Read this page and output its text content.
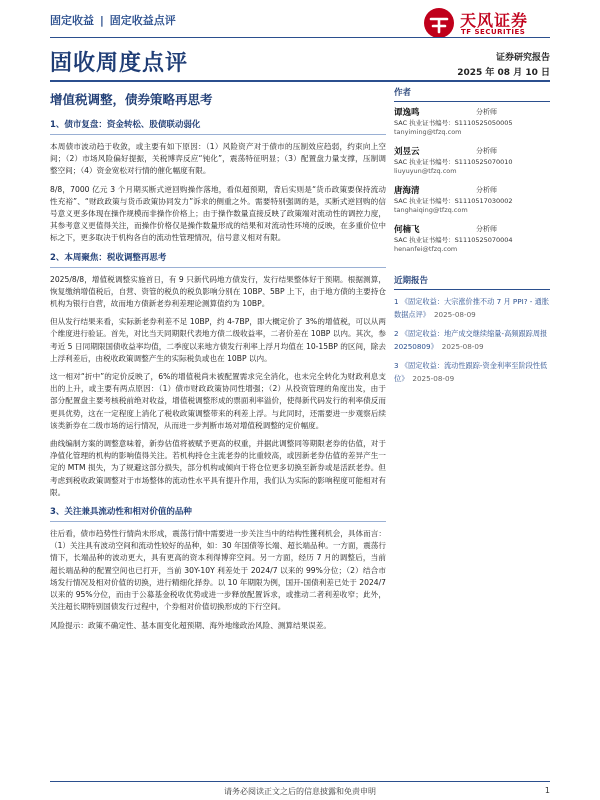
固定收益 | 固定收益点评	天风证券
TF SECURITIES
固收周度点评	证券研究报告
2025 年 08 月 10 日
增值税调整，债券策略再思考
1、债市复盘：资金转松、股债联动弱化

本周债市波动趋于收敛，或主要有如下原因：（1）风险资产对于债市的压制效应趋弱，约束向上空间；（2）市场风险偏好提振，关税博弈反应“钝化”，震荡特征明显；（3）配置盘力量支撑，压制调整空间；（4）资金宽松对行情的催化幅度有限。

8/8，7000 亿元 3 个月期买断式逆回购操作落地，看似超预期，背后实则是“货币政策要保持流动性充裕”、“财政政策与货币政策协同发力”诉求的侧重之外。需要特别强调的是，买断式逆回购的信号意义更多体现在操作规模而非操作价格上；由于操作数量直接反映了政策端对流动性的调控力度，其参考意义更值得关注，而操作价格仅是操作数量形成的结果和对流动性环境的反映，在多重价位中标之下，更多取决于机构各自的流动性管理情况，信号意义相对有限。

2、本周聚焦：税收调整再思考

2025/8/8，增值税调整实施首日，有 9 只新代码地方债发行，发行结果整体好于预期。根据测算，恢复缴纳增值税后，自营、资管的税负的税负影响分别在 10BP、5BP 上下，由于地方债的主要持仓机构为银行自营，故而地方债新老券利差理论测算值约为 10BP。

但从发行结果来看，实际新老券利差不足 10BP，约 4-7BP，即大概定价了 3%的增值税，可以从两个维度进行验证。首先，对比当天同期限代表地方债二级收益率，二者价差在 10BP 以内。其次，参考近 5 日同期限国债收益率均值，二季度以来地方债发行利率上浮月均值在 10-15BP 的区间，除去上浮利差后，由税收政策调整产生的实际税负或也在 10BP 以内。

这一相对“折中”的定价反映了，6%的增值税尚未被配置需求完全消化，也未完全转化为财政利息支出的上升，或主要有两点原因：（1）债市财政政策协同性增强；（2）从投资管理的角度出发，由于部分配置盘主要考核税前绝对收益，增值税调整形成的票面利率溢价，使得新代码发行的利率债反而更具优势，这在一定程度上消化了税收政策调整带来的利差上浮。与此同时，还需要进一步观察后续该类新券在二级市场的运行情况，从而进一步判断市场对增值税调整的定价幅度。

曲线编制方案的调整意味着，新券估值将被赋予更高的权重，并据此调整同等期限老券的估值，对于净值化管理的机构的影响值得关注。若机构持仓主流老券的比重较高，或因新老券估值的差异产生一定的 MTM 损失，为了规避这部分损失，部分机构或倾向于将仓位更多切换至新券或是活跃老券。但考虑到税收政策调整对于市场整体的流动性水平具有提升作用，我们认为实际的影响程度可能相对有限。

3、关注兼具流动性和相对价值的品种

往后看，债市趋势性行情尚未形成，震荡行情中需要进一步关注当中的结构性獲利机会，具体而言：（1）关注具有波动空间和流动性较好的品种，如：30 年国债等长端、超长端品种。一方面，震荡行情下，长端品种的波动更大，具有更高的资本利得博弈空间。另一方面，经历 7 月的调整后，当前超长端品种的配置空间也已打开，当前 30Y-10Y 利差处于 2024/7 以来的 99%分位；（2）结合市场发行情况及相对价值的切换，进行精细化择券。以 10 年期限为例，国开-国债利差已处于 2024/7 以来的 95%分位，而由于公募基金税收优势或进一步释放配置诉求，或推动二者利差收窄；此外，关注超长期特别国债发行过程中，个券相对价值切换形成的下行空间。

风险提示：政策不确定性、基本面变化超预期、海外地缘政治风险、测算结果误差。

作者
谭逸鸣	分析师
SAC 执业证书编号：S1110525050005
tanyiming@tfzq.com
刘昱云	分析师
SAC 执业证书编号：S1110525070010
liuyuyun@tfzq.com
唐海清	分析师
SAC 执业证书编号：S1110517030002
tanghaiqing@tfzq.com
何楠飞	分析师
SAC 执业证书编号：S1110525070004
henanfei@tfzq.com
近期报告
1 《固定收益：大宗涨价推不动 7 月 PPI? - 通胀数据点评》 2025-08-09
2 《固定收益：地产成交继续缩量-高频跟踪周报 20250809》 2025-08-09
3 《固定收益：流动性跟踪-资金利率至阶段性低位》 2025-08-09
请务必阅读正文之后的信息披露和免责申明	1
